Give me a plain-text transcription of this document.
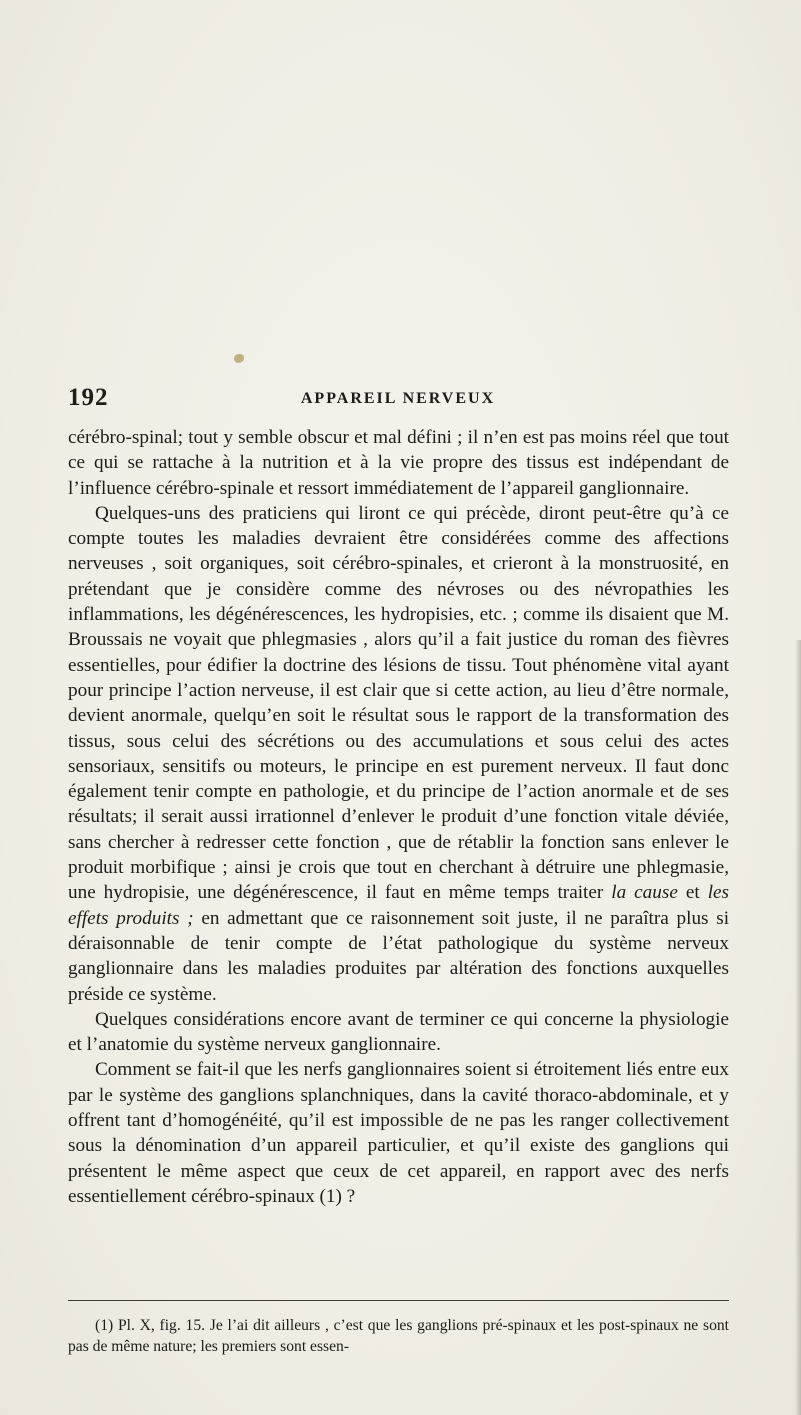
192	APPAREIL NERVEUX

cérébro-spinal; tout y semble obscur et mal défini ; il n’en est pas moins réel que tout ce qui se rattache à la nutrition et à la vie propre des tissus est indépendant de l’influence cérébro-spinale et ressort immédiatement de l’appareil ganglionnaire.

Quelques-uns des praticiens qui liront ce qui précède, diront peut-être qu’à ce compte toutes les maladies devraient être considérées comme des affections nerveuses , soit organiques, soit cérébro-spinales, et crieront à la monstruosité, en prétendant que je considère comme des névroses ou des névropathies les inflammations, les dégénérescences, les hydropisies, etc. ; comme ils disaient que M. Broussais ne voyait que phlegmasies , alors qu’il a fait justice du roman des fièvres essentielles, pour édifier la doctrine des lésions de tissu. Tout phénomène vital ayant pour principe l’action nerveuse, il est clair que si cette action, au lieu d’être normale, devient anormale, quelqu’en soit le résultat sous le rapport de la transformation des tissus, sous celui des sécrétions ou des accumulations et sous celui des actes sensoriaux, sensitifs ou moteurs, le principe en est purement nerveux. Il faut donc également tenir compte en pathologie, et du principe de l’action anormale et de ses résultats; il serait aussi irrationnel d’enlever le produit d’une fonction vitale déviée, sans chercher à redresser cette fonction , que de rétablir la fonction sans enlever le produit morbifique ; ainsi je crois que tout en cherchant à détruire une phlegmasie, une hydropisie, une dégénérescence, il faut en même temps traiter la cause et les effets produits ; en admettant que ce raisonnement soit juste, il ne paraîtra plus si déraisonnable de tenir compte de l’état pathologique du système nerveux ganglionnaire dans les maladies produites par altération des fonctions auxquelles préside ce système.

Quelques considérations encore avant de terminer ce qui concerne la physiologie et l’anatomie du système nerveux ganglionnaire.

Comment se fait-il que les nerfs ganglionnaires soient si étroitement liés entre eux par le système des ganglions splanchniques, dans la cavité thoraco-abdominale, et y offrent tant d’homogénéité, qu’il est impossible de ne pas les ranger collectivement sous la dénomination d’un appareil particulier, et qu’il existe des ganglions qui présentent le même aspect que ceux de cet appareil, en rapport avec des nerfs essentiellement cérébro-spinaux (1) ?

(1) Pl. X, fig. 15. Je l’ai dit ailleurs , c’est que les ganglions pré-spinaux et les post-spinaux ne sont pas de même nature; les premiers sont essen-
